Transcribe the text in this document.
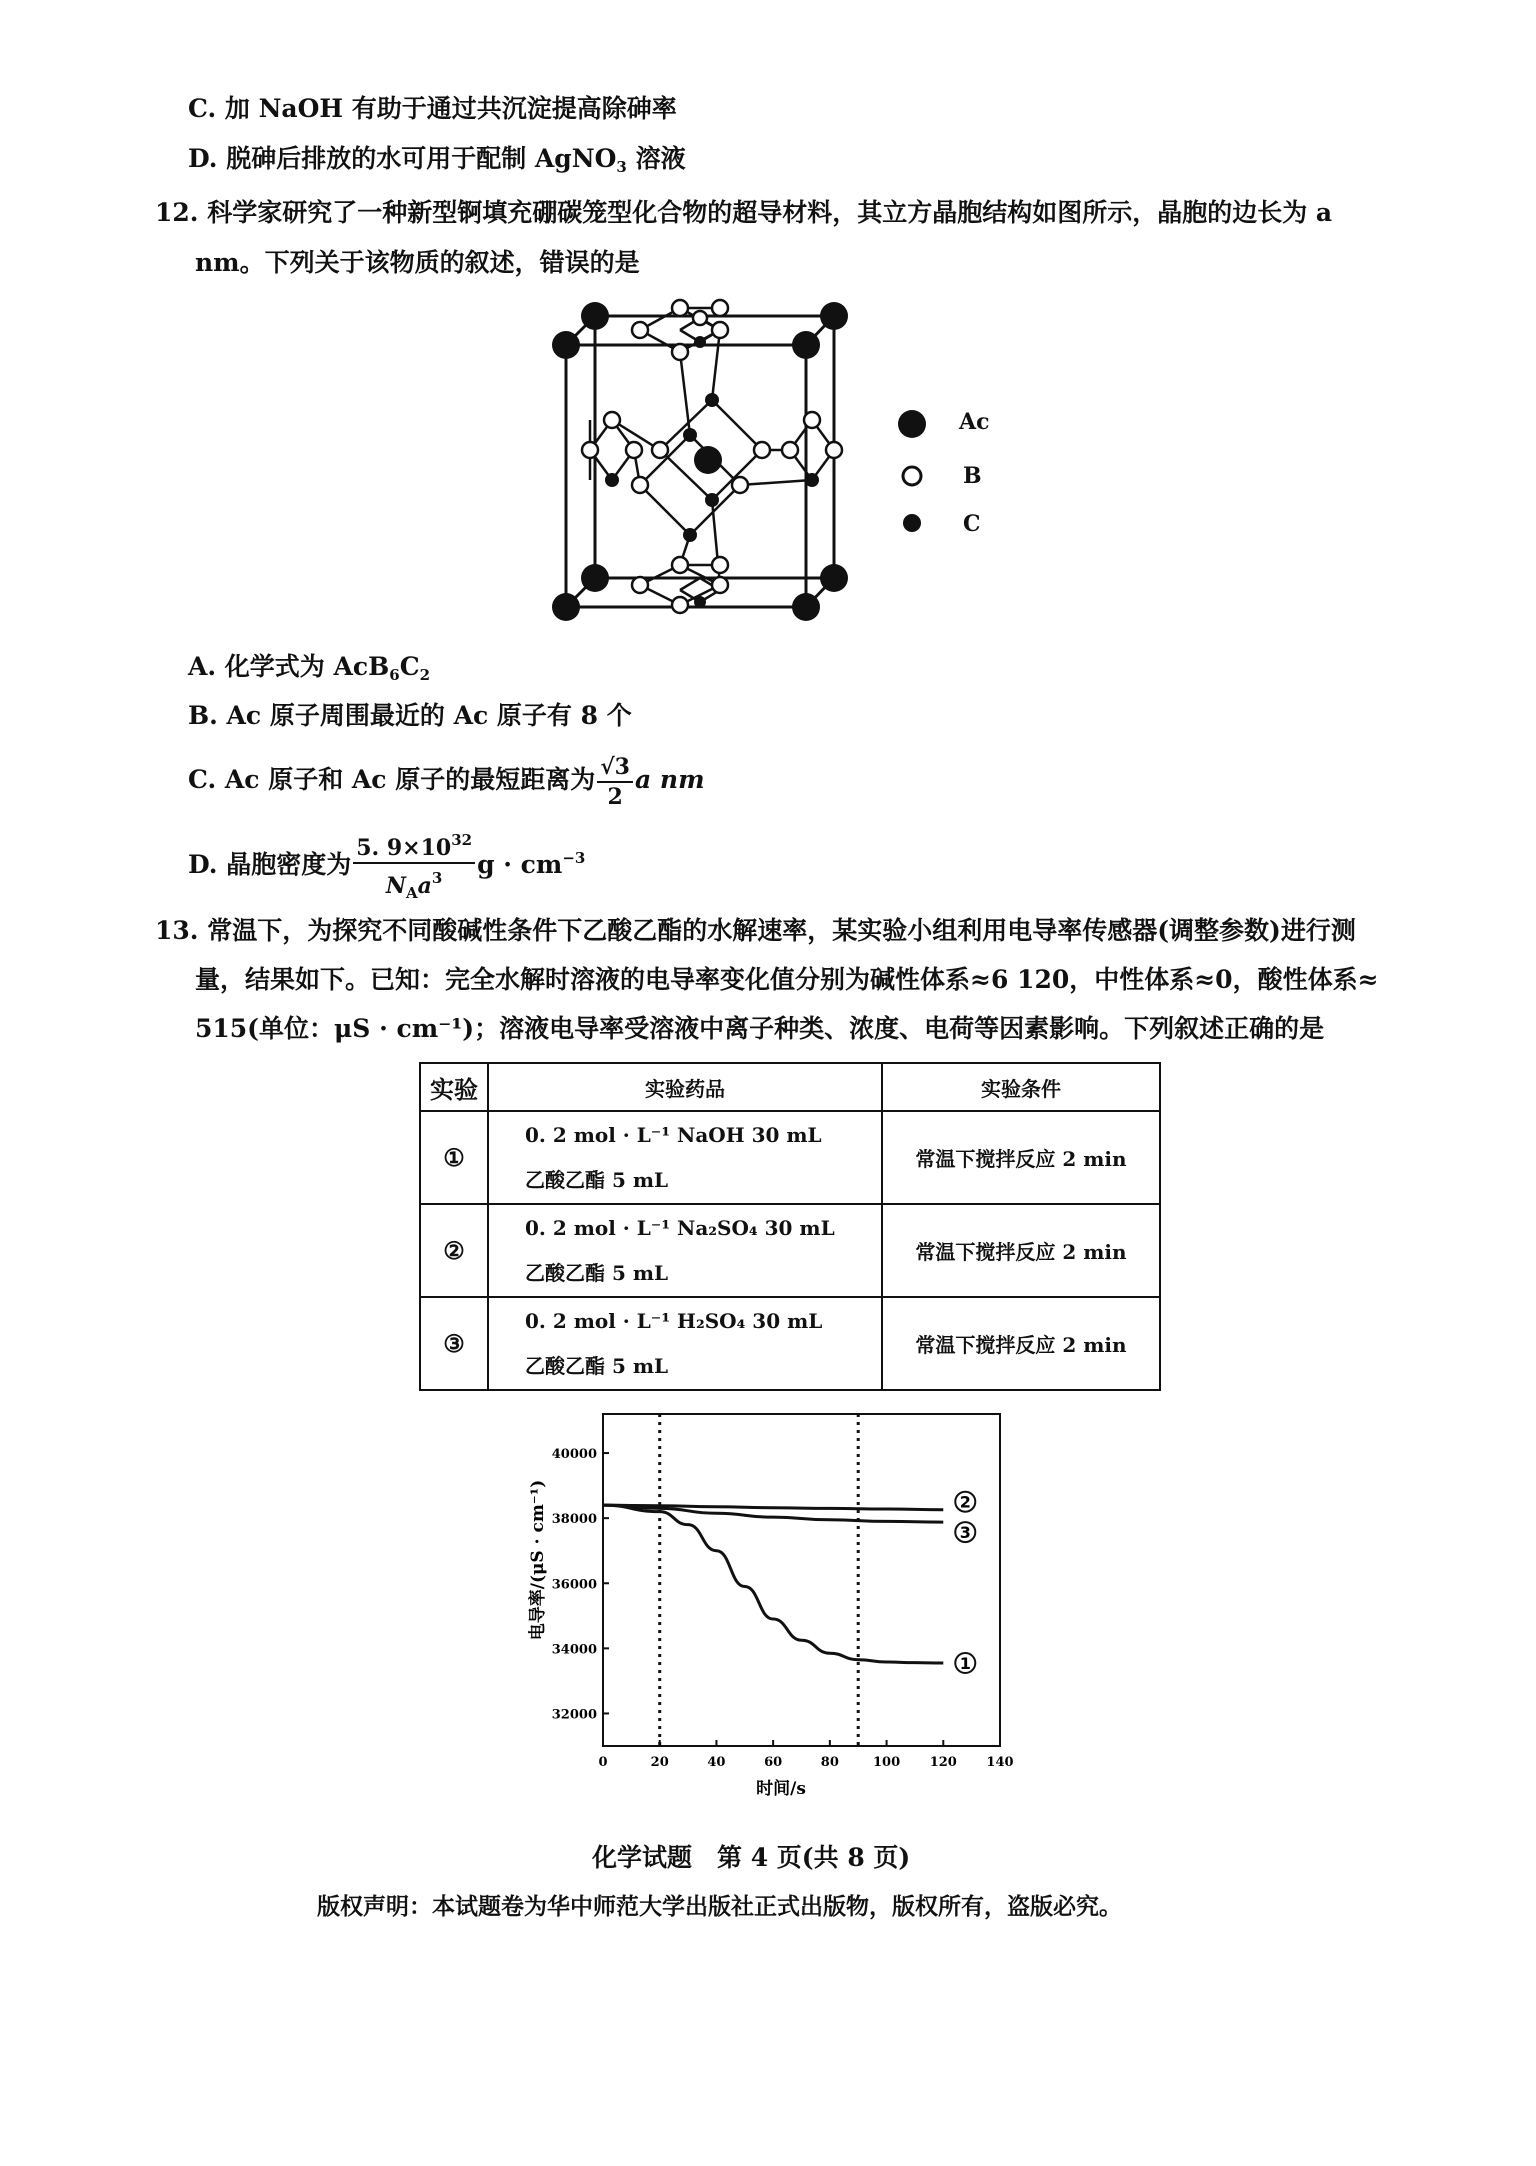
C. 加 NaOH 有助于通过共沉淀提高除砷率
D. 脱砷后排放的水可用于配制 AgNO$_3$ 溶液
12. 科学家研究了一种新型锕填充硼碳笼型化合物的超导材料，其立方晶胞结构如图所示，晶胞的边长为 a
nm。下列关于该物质的叙述，错误的是
Ac
B
C
A. 化学式为 $AcB_6C_2$
B. Ac 原子周围最近的 Ac 原子有 8 个
C. Ac 原子和 Ac 原子的最短距离为 $\frac{√3}{2}$ a nm
D. 晶胞密度为 $\frac{5. 9\times 10^{32}}{N_Aa^3}$ $g \cdot cm^{-3}$
13. 常温下，为探究不同酸碱性条件下乙酸乙酯的水解速率，某实验小组利用电导率传感器(调整参数)进行测
量，结果如下。已知：完全水解时溶液的电导率变化值分别为碱性体系≈6 120，中性体系≈0，酸性体系≈
515(单位：μS · cm⁻¹)；溶液电导率受溶液中离子种类、浓度、电荷等因素影响。下列叙述正确的是
实验	实验药品	实验条件
①	0. 2 mol · L⁻¹ NaOH 30 mL
乙酸乙酯 5 mL	常温下搅拌反应 2 min
②	0. 2 mol · L⁻¹ Na₂SO₄ 30 mL
乙酸乙酯 5 mL	常温下搅拌反应 2 min
③	0. 2 mol · L⁻¹ H₂SO₄ 30 mL
乙酸乙酯 5 mL	常温下搅拌反应 2 min
电导率/(μS · cm⁻¹)
时间/s
0	20	40	60	80	100 120 140
32000
34000
36000
38000
40000
2
3
1
化学试题　第 4 页(共 8 页)
版权声明：本试题卷为华中师范大学出版社正式出版物，版权所有，盗版必究。
